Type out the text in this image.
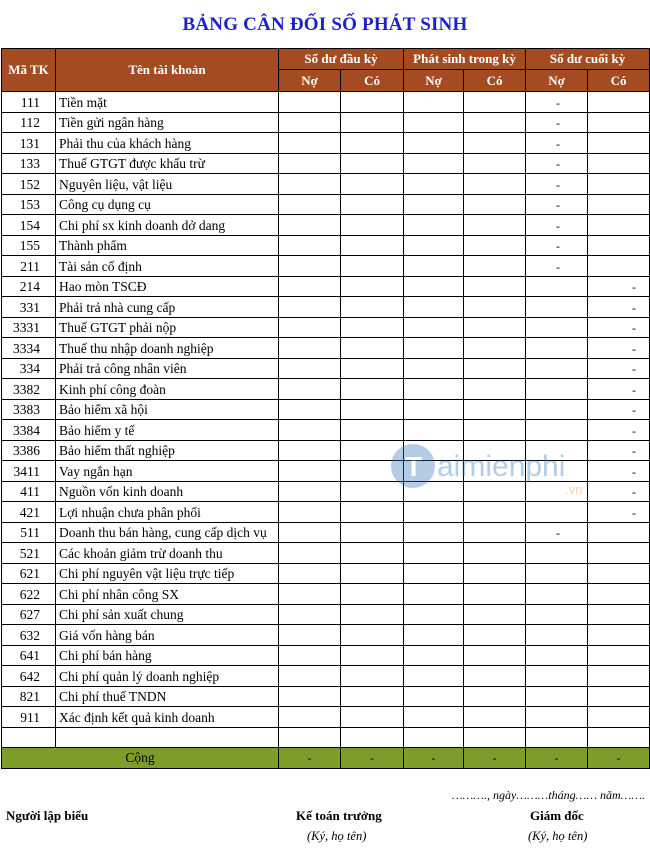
BẢNG CÂN ĐỐI SỐ PHÁT SINH
Mã TK	Tên tài khoản	Số dư đầu kỳ		Phát sinh trong kỳ		Số dư cuối kỳ	
		Nợ	Có	Nợ	Có	Nợ	Có
111	Tiền mặt					-	
112	Tiền gửi ngân hàng					-	
131	Phải thu của khách hàng					-	
133	Thuế GTGT được khấu trừ					-	
152	Nguyên liệu, vật liệu					-	
153	Công cụ dụng cụ					-	
154	Chi phí sx kinh doanh dở dang					-	
155	Thành phẩm					-	
211	Tài sản cố định					-	
214	Hao mòn TSCĐ						-
331	Phải trả nhà cung cấp						-
3331	Thuế GTGT phải nộp						-
3334	Thuế thu nhập doanh nghiệp						-
334	Phải trả công nhân viên						-
3382	Kinh phí công đoàn						-
3383	Bảo hiểm xã hội						-
3384	Bảo hiểm y tế						-
3386	Bảo hiểm thất nghiệp						-
3411	Vay ngắn hạn						-
411	Nguồn vốn kinh doanh						-
421	Lợi nhuận chưa phân phối						-
511	Doanh thu bán hàng, cung cấp dịch vụ					-	
521	Các khoản giảm trừ doanh thu						
621	Chi phí nguyên vật liệu trực tiếp						
622	Chi phí nhân công SX						
627	Chi phí sản xuất chung						
632	Giá vốn hàng bán						
641	Chi phí bán hàng						
642	Chi phí quản lý doanh nghiệp						
821	Chi phí thuế TNDN						
911	Xác định kết quả kinh doanh						

Cộng		-	-	-	-	-	-
T aimienphi
.vn
………., ngày………tháng…… năm…….
Người lập biểu	Kế toán trưởng
(Ký, họ tên)
Giám đốc
(Ký, họ tên)
